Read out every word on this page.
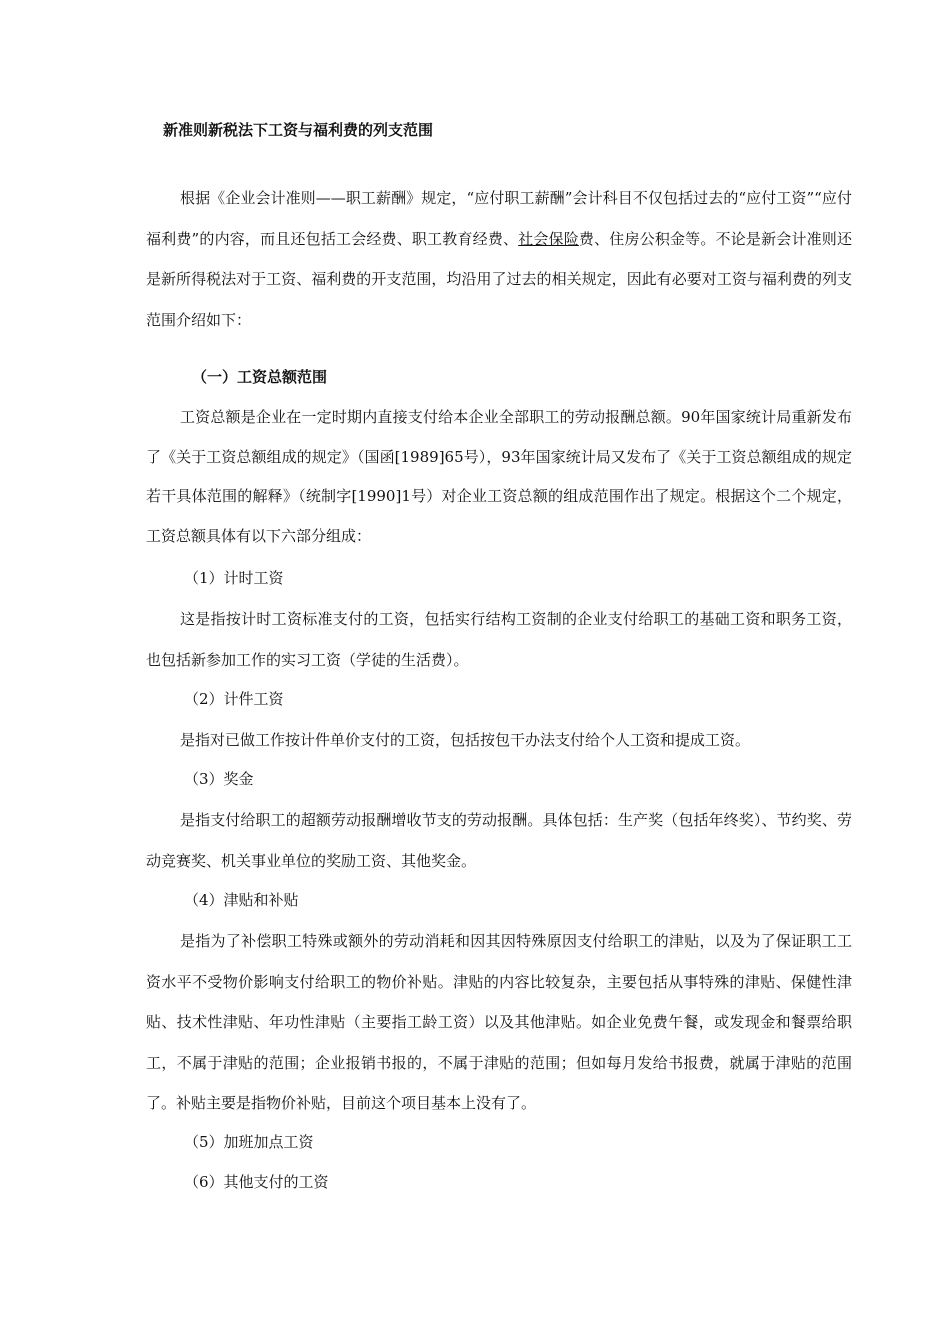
新准则新税法下工资与福利费的列支范围

根据《企业会计准则——职工薪酬》规定，“应付职工薪酬”会计科目不仅包括过去的“应付工资”“应付福利费”的内容，而且还包括工会经费、职工教育经费、社会保险费、住房公积金等。不论是新会计准则还是新所得税法对于工资、福利费的开支范围，均沿用了过去的相关规定，因此有必要对工资与福利费的列支范围介绍如下：

（一）工资总额范围

工资总额是企业在一定时期内直接支付给本企业全部职工的劳动报酬总额。90年国家统计局重新发布了《关于工资总额组成的规定》（国函[1989]65号），93年国家统计局又发布了《关于工资总额组成的规定若干具体范围的解释》（统制字[1990]1号）对企业工资总额的组成范围作出了规定。根据这个二个规定，工资总额具体有以下六部分组成：

（1）计时工资

这是指按计时工资标准支付的工资，包括实行结构工资制的企业支付给职工的基础工资和职务工资，也包括新参加工作的实习工资（学徒的生活费）。

（2）计件工资

是指对已做工作按计件单价支付的工资，包括按包干办法支付给个人工资和提成工资。

（3）奖金

是指支付给职工的超额劳动报酬增收节支的劳动报酬。具体包括：生产奖（包括年终奖）、节约奖、劳动竞赛奖、机关事业单位的奖励工资、其他奖金。

（4）津贴和补贴

是指为了补偿职工特殊或额外的劳动消耗和因其因特殊原因支付给职工的津贴，以及为了保证职工工资水平不受物价影响支付给职工的物价补贴。津贴的内容比较复杂，主要包括从事特殊的津贴、保健性津贴、技术性津贴、年功性津贴（主要指工龄工资）以及其他津贴。如企业免费午餐，或发现金和餐票给职工，不属于津贴的范围；企业报销书报的，不属于津贴的范围；但如每月发给书报费，就属于津贴的范围了。补贴主要是指物价补贴，目前这个项目基本上没有了。

（5）加班加点工资

（6）其他支付的工资
